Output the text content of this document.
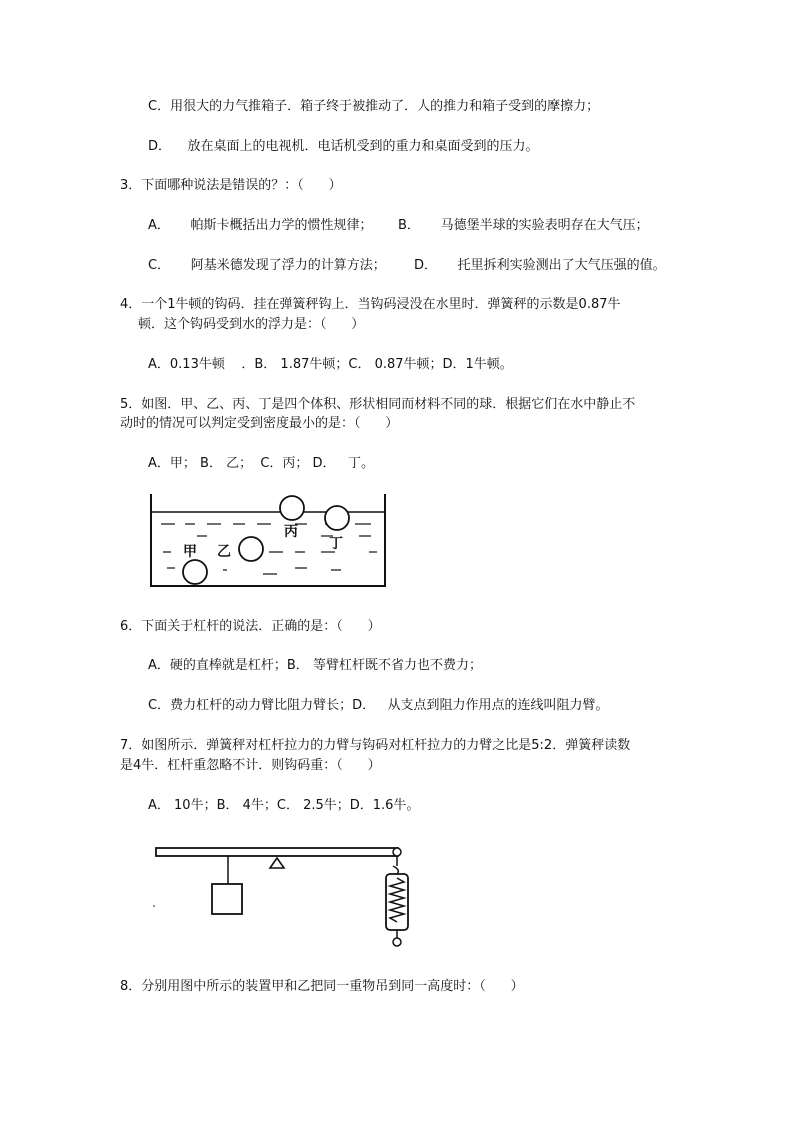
C．用很大的力气推箱子．箱子终于被推动了．人的推力和箱子受到的摩擦力；
D．    放在桌面上的电视机．电话机受到的重力和桌面受到的压力。
3．下面哪种说法是错误的？：（      ）
A．     帕斯卡概括出力学的惯性规律； B．     马德堡半球的实验表明存在大气压；
C．     阿基米德发现了浮力的计算方法； D．     托里拆利实验测出了大气压强的值。
4．一个1牛顿的钩码．挂在弹簧秤钩上．当钩码浸没在水里时．弹簧秤的示数是0.87牛
顿．这个钩码受到水的浮力是：（      ）
A．0.13牛顿    ．B． 1.87牛顿；C． 0.87牛顿；D．1牛顿。
5．如图．甲、乙、丙、丁是四个体积、形状相同而材料不同的球．根据它们在水中静止不
动时的情况可以判定受到密度最小的是：（      ）
A．甲； B． 乙；  C．丙； D．   丁。
甲 乙
丙
丁
6．下面关于杠杆的说法．正确的是：（      ）
A．硬的直棒就是杠杆；B． 等臂杠杆既不省力也不费力；
C．费力杠杆的动力臂比阻力臂长；D．   从支点到阻力作用点的连线叫阻力臂。
7．如图所示．弹簧秤对杠杆拉力的力臂与钩码对杠杆拉力的力臂之比是5:2．弹簧秤读数
是4牛．杠杆重忽略不计．则钩码重：（      ）
A． 10牛；B． 4牛；C． 2.5牛；D．1.6牛。
8．分别用图中所示的装置甲和乙把同一重物吊到同一高度时：（      ）
